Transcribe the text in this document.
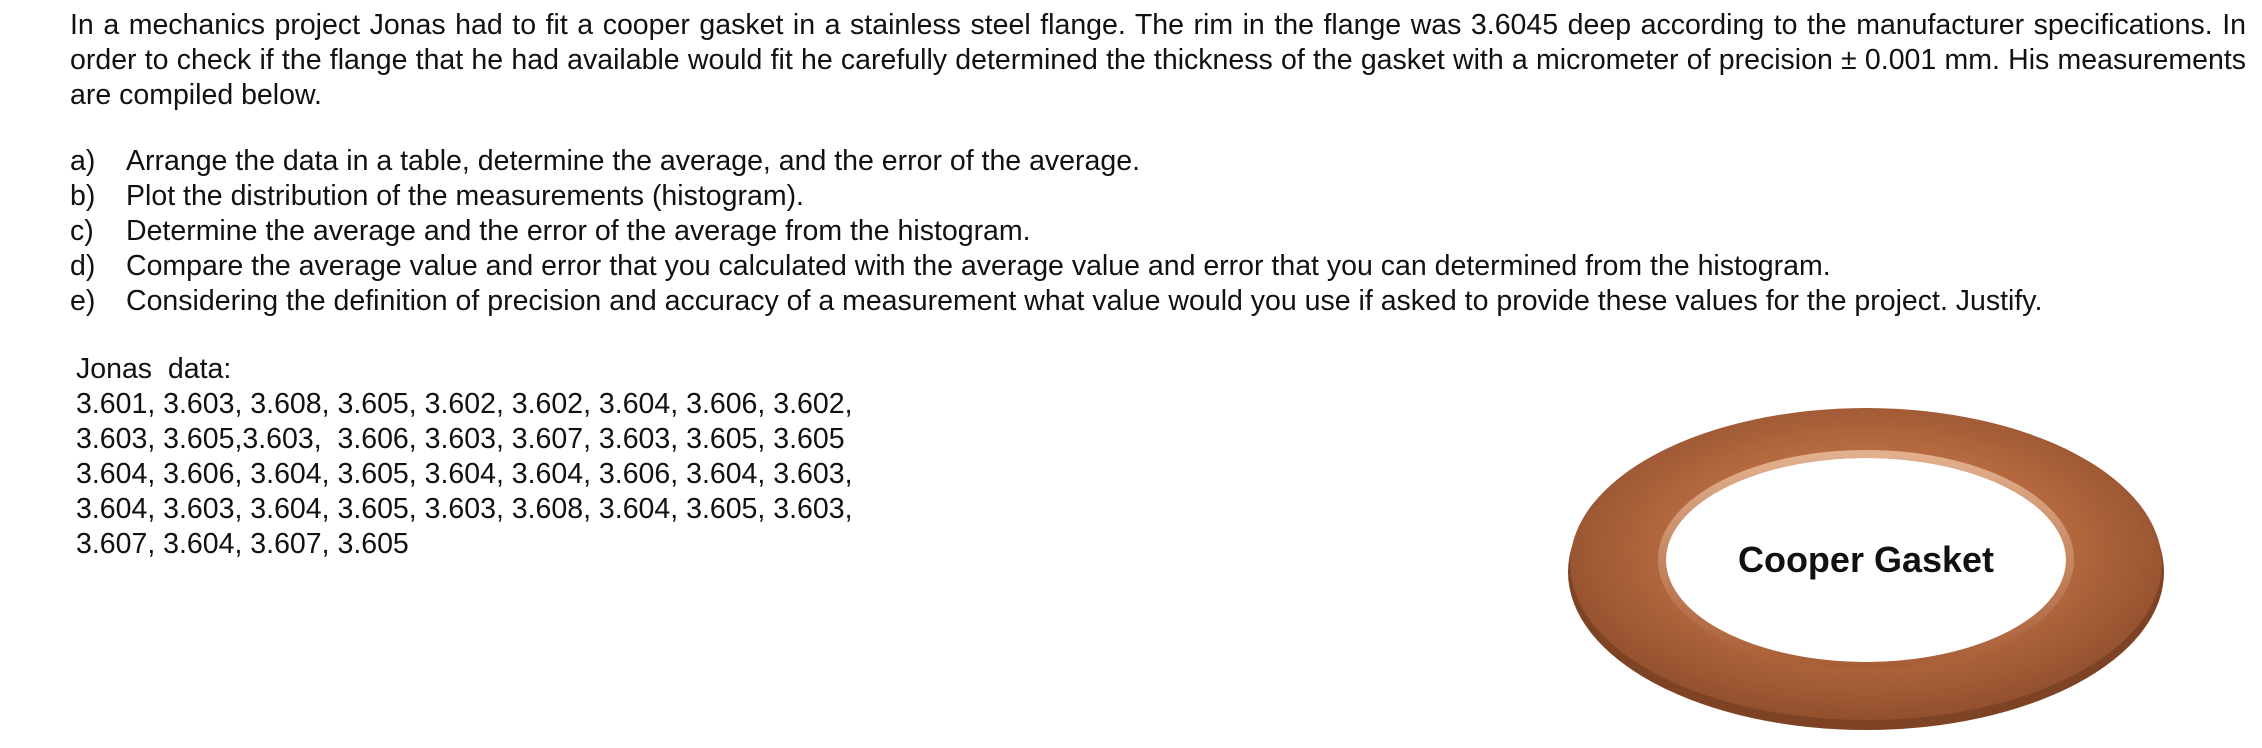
In a mechanics project Jonas had to fit a cooper gasket in a stainless steel flange. The rim in the flange was 3.6045 deep according to the manufacturer specifications. In order to check if the flange that he had available would fit he carefully determined the thickness of the gasket with a micrometer of precision ± 0.001 mm. His measurements are compiled below.

a)	Arrange the data in a table, determine the average, and the error of the average.
b)	Plot the distribution of the measurements (histogram).
c)	Determine the average and the error of the average from the histogram.
d)	Compare the average value and error that you calculated with the average value and error that you can determined from the histogram.
e)	Considering the definition of precision and accuracy of a measurement what value would you use if asked to provide these values for the project. Justify.
Jonas  data:
3.601, 3.603, 3.608, 3.605, 3.602, 3.602, 3.604, 3.606, 3.602,
3.603, 3.605,3.603,  3.606, 3.603, 3.607, 3.603, 3.605, 3.605
3.604, 3.606, 3.604, 3.605, 3.604, 3.604, 3.606, 3.604, 3.603,
3.604, 3.603, 3.604, 3.605, 3.603, 3.608, 3.604, 3.605, 3.603,
3.607, 3.604, 3.607, 3.605	Cooper Gasket
